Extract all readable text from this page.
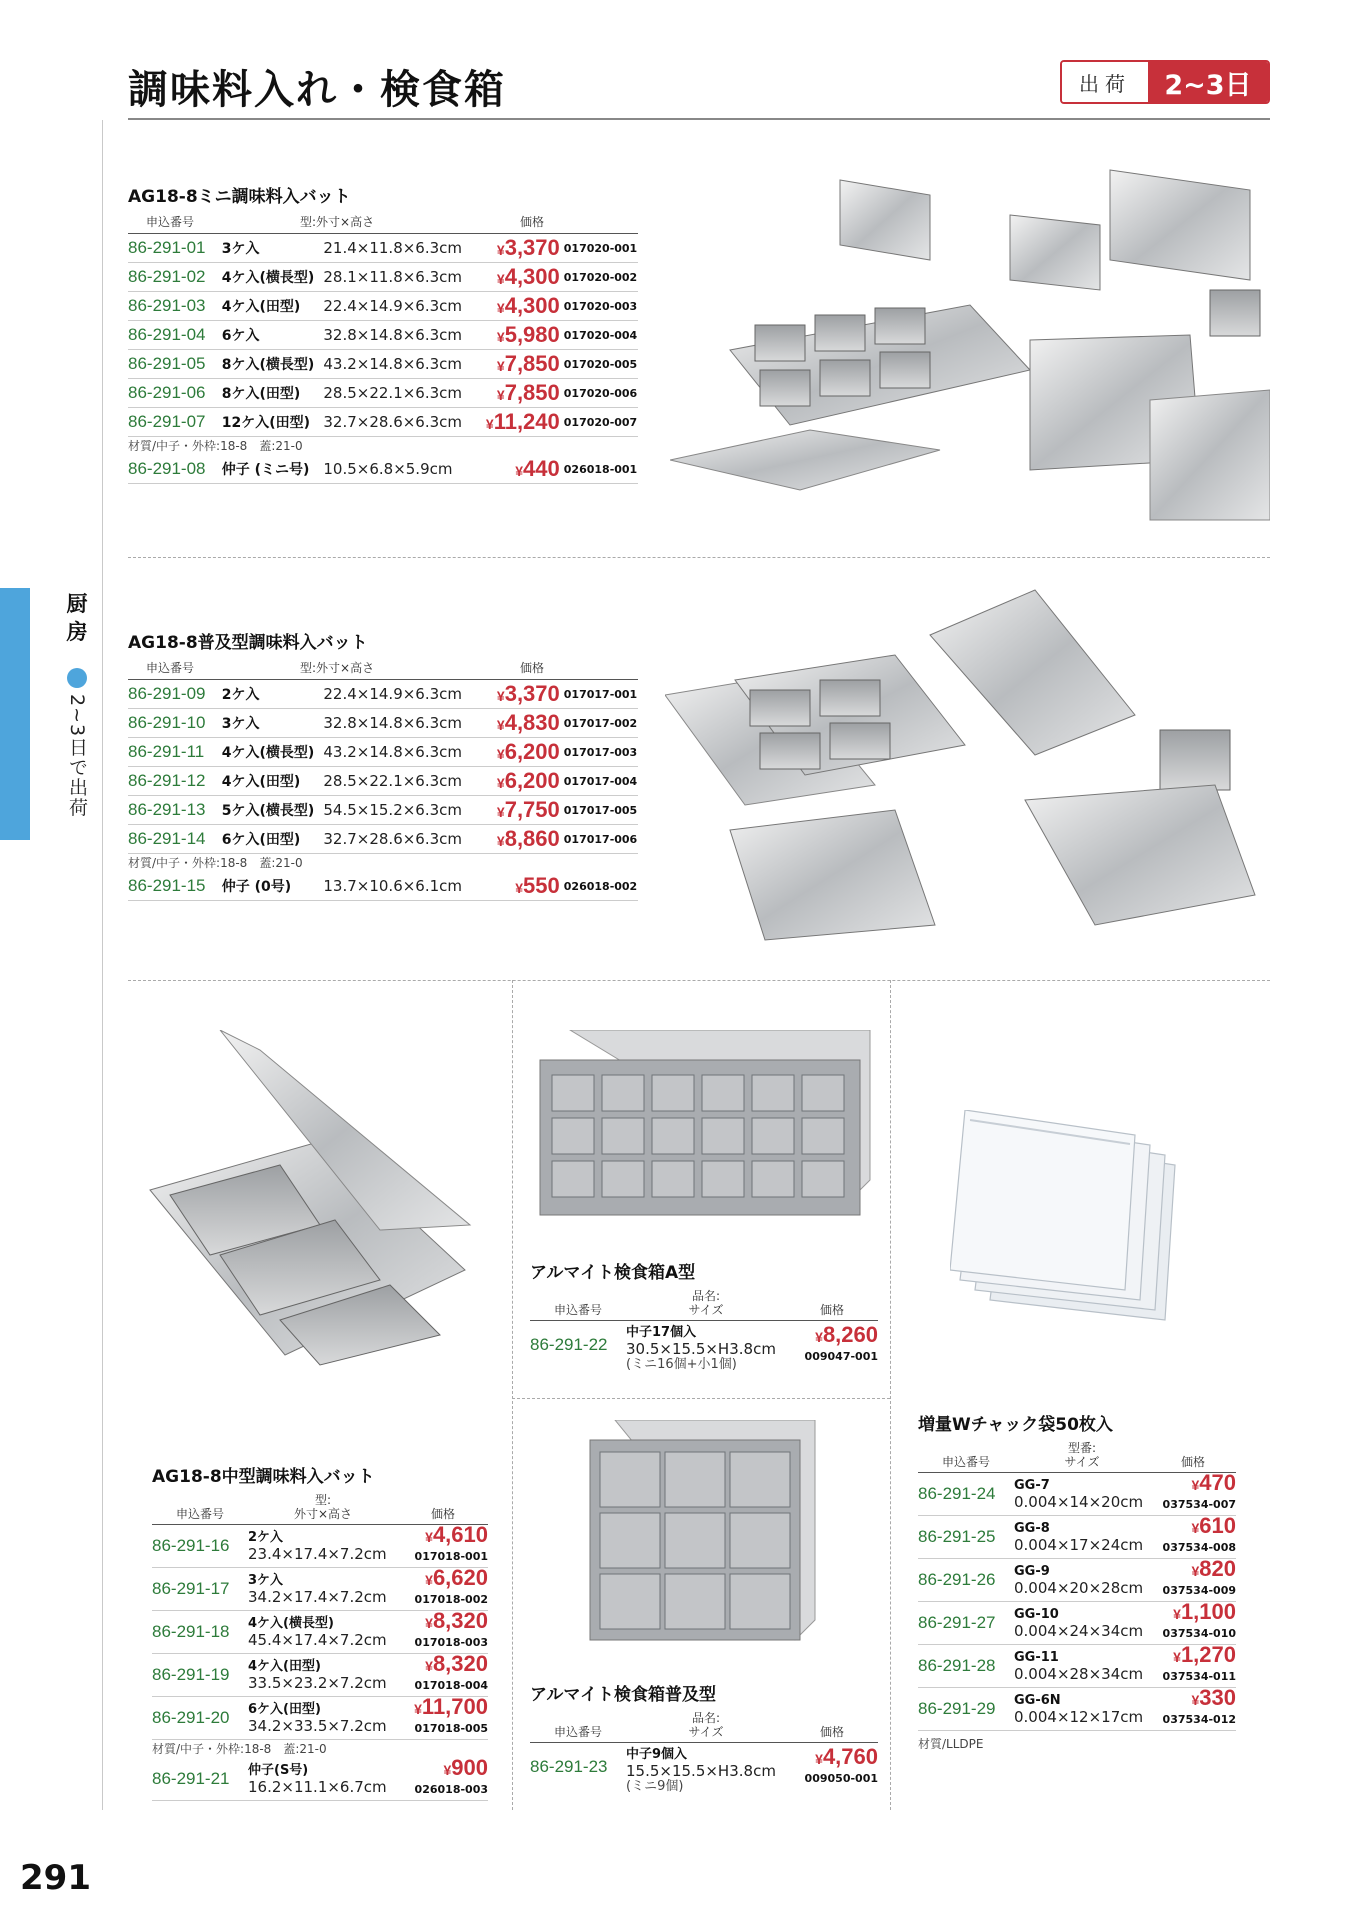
調味料入れ・検食箱	出荷	2~3日
厨房
2~3日で出荷
AG18-8ミニ調味料入バット
申込番号	型:外寸×高さ	価格
86-291-01	3ケ入	21.4×11.8×6.3cm	¥3,370 017020-001
86-291-02	4ケ入(横長型) 28.1×11.8×6.3cm	¥4,300 017020-002
86-291-03	4ケ入(田型)	22.4×14.9×6.3cm	¥4,300 017020-003
86-291-04	6ケ入	32.8×14.8×6.3cm	¥5,980 017020-004
86-291-05	8ケ入(横長型) 43.2×14.8×6.3cm	¥7,850 017020-005
86-291-06	8ケ入(田型)	28.5×22.1×6.3cm	¥7,850 017020-006
86-291-07	12ケ入(田型) 32.7×28.6×6.3cm	¥11,240 017020-007
材質/中子・外枠:18-8　蓋:21-0
86-291-08	仲子 (ミニ号) 10.5×6.8×5.9cm	¥440 026018-001
AG18-8普及型調味料入バット
申込番号	型:外寸×高さ	価格
86-291-09	2ケ入	22.4×14.9×6.3cm	¥3,370 017017-001
86-291-10	3ケ入	32.8×14.8×6.3cm	¥4,830 017017-002
86-291-11	4ケ入(横長型) 43.2×14.8×6.3cm	¥6,200 017017-003
86-291-12	4ケ入(田型)	28.5×22.1×6.3cm	¥6,200 017017-004
86-291-13	5ケ入(横長型) 54.5×15.2×6.3cm	¥7,750 017017-005
86-291-14	6ケ入(田型)	32.7×28.6×6.3cm	¥8,860 017017-006
材質/中子・外枠:18-8　蓋:21-0
86-291-15	仲子 (0号)	13.7×10.6×6.1cm	¥550 026018-002
AG18-8中型調味料入バット
申込番号
型:
外寸×高さ	価格
86-291-16	2ケ入
23.4×17.4×7.2cm
¥4,610
017018-001
86-291-17	3ケ入
34.2×17.4×7.2cm
¥6,620
017018-002
86-291-18	4ケ入(横長型)
45.4×17.4×7.2cm
¥8,320
017018-003
86-291-19	4ケ入(田型)
33.5×23.2×7.2cm
¥8,320
017018-004
86-291-20	6ケ入(田型)
34.2×33.5×7.2cm
¥11,700
017018-005
材質/中子・外枠:18-8　蓋:21-0
86-291-21	仲子(S号)
16.2×11.1×6.7cm
¥900
026018-003
アルマイト検食箱A型
申込番号
品名:
サイズ	価格
86-291-22
中子17個入
30.5×15.5×H3.8cm
(ミニ16個+小1個)
¥8,260
009047-001
アルマイト検食箱普及型
申込番号
品名:
サイズ	価格
86-291-23
中子9個入
15.5×15.5×H3.8cm
(ミニ9個)
¥4,760
009050-001
増量Wチャック袋50枚入
申込番号
型番:
サイズ	価格
86-291-24	GG-7
0.004×14×20cm
¥470
037534-007
86-291-25	GG-8
0.004×17×24cm
¥610
037534-008
86-291-26	GG-9
0.004×20×28cm
¥820
037534-009
86-291-27	GG-10
0.004×24×34cm
¥1,100
037534-010
86-291-28	GG-11
0.004×28×34cm
¥1,270
037534-011
86-291-29	GG-6N
0.004×12×17cm
¥330
037534-012
材質/LLDPE
291
